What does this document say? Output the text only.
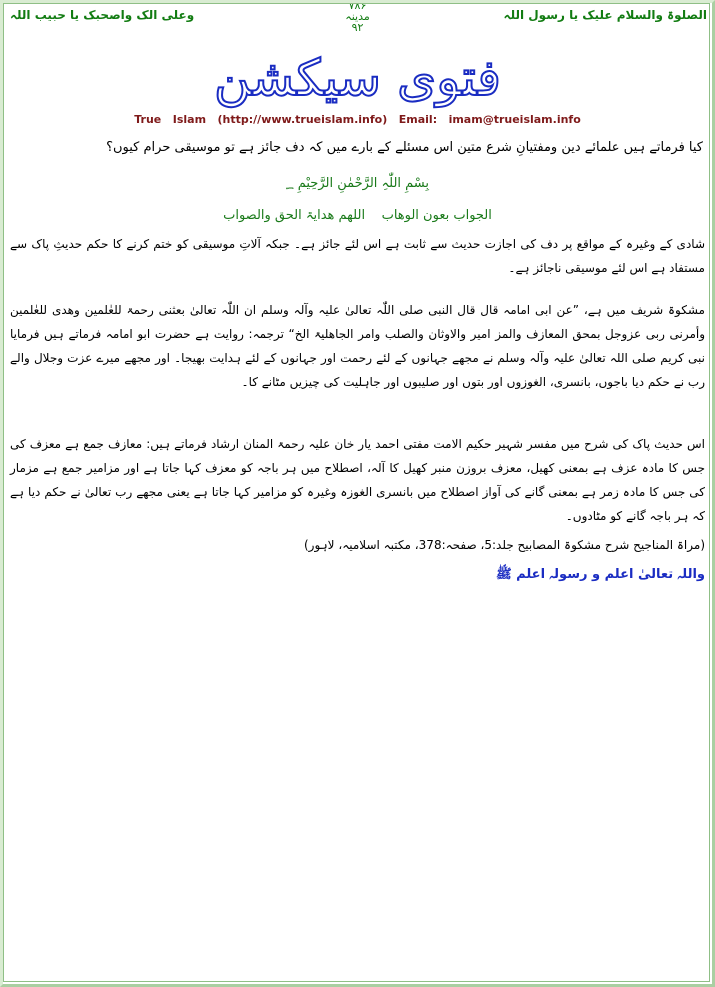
الصلوۃ والسلام علیک یا رسول اللہ
وعلی الک واصحبک یا حبیب اللہ
۷۸۶
مدینہ
۹۲
فتوی سیکشن
True   Islam   (http://www.trueislam.info)   Email:   imam@trueislam.info
کیا فرماتے ہیں علمائے دین ومفتیانِ شرع متین اس مسئلے کے بارے میں کہ دف جائز ہے تو موسیقی حرام کیوں؟
بِسْمِ اللّٰہِ الرَّحْمٰنِ الرَّحِیْمِ ؁
الجواب بعون الوھاب    اللھم ھدایۃ الحق والصواب
شادی کے وغیرہ کے مواقع پر دف کی اجازت حدیث سے ثابت ہے اس لئے جائز ہے۔ جبکہ آلاتِ موسیقی کو ختم کرنے کا حکم حدیثِ پاک سے مستفاد ہے اس لئے موسیقی ناجائز ہے۔
مشکوۃ شریف میں ہے، ”عن ابی امامہ قال قال النبی صلی اللّٰہ تعالیٰ علیہ وآلہ وسلم ان اللّٰہ تعالیٰ بعثنی رحمۃ للعٰلمین وھدی للعٰلمین وأمرنی ربی عزوجل بمحق المعازف والمز امیر والاوثان والصلب وامر الجاھلیۃ الخ“ ترجمہ: روایت ہے حضرت ابو امامہ فرماتے ہیں فرمایا نبی کریم صلی اللہ تعالیٰ علیہ وآلہ وسلم نے مجھے جہانوں کے لئے رحمت اور جہانوں کے لئے ہدایت بھیجا۔ اور مجھے میرے عزت وجلال والے رب نے حکم دیا باجوں، بانسری، الغوزوں اور بتوں اور صلیبوں اور جاہلیت کی چیزیں مٹانے کا۔
اس حدیث پاک کی شرح میں مفسر شہیر حکیم الامت مفتی احمد یار خان علیہ رحمۃ المنان ارشاد فرماتے ہیں: معازف جمع ہے معزف کی جس کا مادہ عزف ہے بمعنی کھیل، معزف بروزن منبر کھیل کا آلہ، اصطلاح میں ہر باجہ کو معزف کہا جاتا ہے اور مزامیر جمع ہے مزمار کی جس کا مادہ زمر ہے بمعنی گانے کی آواز اصطلاح میں بانسری الغوزہ وغیرہ کو مزامیر کہا جاتا ہے یعنی مجھے رب تعالیٰ نے حکم دیا ہے کہ ہر باجہ گانے کو مٹادوں۔
(مراۃ المناجیح شرح مشکوۃ المصابیح جلد:5، صفحہ:378، مکتبہ اسلامیہ، لاہور)
واللہ تعالیٰ اعلم و رسولہ اعلم ﷺ
